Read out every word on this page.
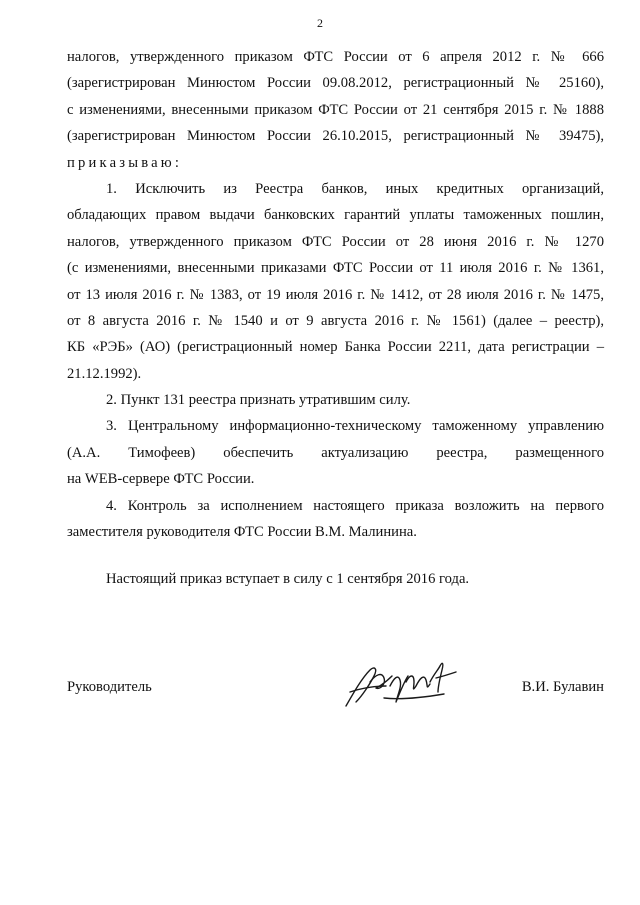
2
налогов, утвержденного приказом ФТС России от 6 апреля 2012 г. № 666
(зарегистрирован Минюстом России 09.08.2012, регистрационный № 25160),
с изменениями, внесенными приказом ФТС России от 21 сентября 2015 г. № 1888
(зарегистрирован Минюстом России 26.10.2015, регистрационный № 39475),
приказываю:
1. Исключить из Реестра банков, иных кредитных организаций,
обладающих правом выдачи банковских гарантий уплаты таможенных пошлин,
налогов, утвержденного приказом ФТС России от 28 июня 2016 г. № 1270
(с изменениями, внесенными приказами ФТС России от 11 июля 2016 г. № 1361,
от 13 июля 2016 г. № 1383, от 19 июля 2016 г. № 1412, от 28 июля 2016 г. № 1475,
от 8 августа 2016 г. № 1540 и от 9 августа 2016 г. № 1561) (далее – реестр),
КБ «РЭБ» (АО) (регистрационный номер Банка России 2211, дата регистрации –
21.12.1992).
2. Пункт 131 реестра признать утратившим силу.
3. Центральному информационно-техническому таможенному управлению
(А.А. Тимофеев) обеспечить актуализацию реестра, размещенного
на WEB-сервере ФТС России.
4. Контроль за исполнением настоящего приказа возложить на первого
заместителя руководителя ФТС России В.М. Малинина.
Настоящий приказ вступает в силу с 1 сентября 2016 года.
Руководитель	В.И. Булавин
